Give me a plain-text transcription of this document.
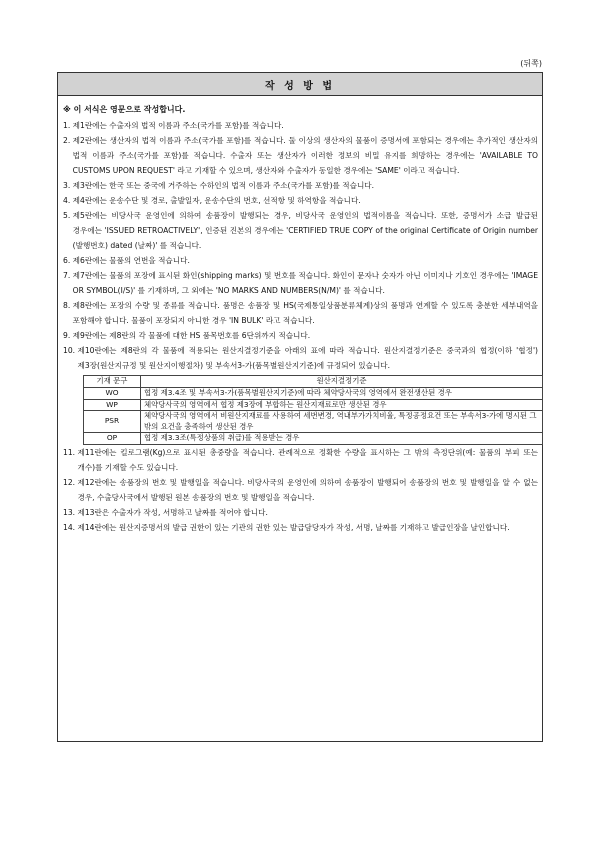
(뒤쪽)
작 성 방 법
※ 이 서식은 영문으로 작성합니다.
1. 제1란에는 수출자의 법적 이름과 주소(국가를 포함)를 적습니다.
2. 제2란에는 생산자의 법적 이름과 주소(국가를 포함)를 적습니다. 둘 이상의 생산자의 물품이 증명서에 포함되는 경우에는 추가적인 생산자의 법적 이름과 주소(국가를 포함)를 적습니다. 수출자 또는 생산자가 이러한 정보의 비밀 유지를 희망하는 경우에는 'AVAILABLE TO CUSTOMS UPON REQUEST' 라고 기재할 수 있으며, 생산자와 수출자가 동일한 경우에는 'SAME' 이라고 적습니다.
3. 제3란에는 한국 또는 중국에 거주하는 수하인의 법적 이름과 주소(국가를 포함)를 적습니다.
4. 제4란에는 운송수단 및 경로, 출발일자, 운송수단의 번호, 선적항 및 하역항을 적습니다.
5. 제5란에는 비당사국 운영인에 의하여 송품장이 발행되는 경우, 비당사국 운영인의 법적이름을 적습니다. 또한, 증명서가 소급 발급된 경우에는 'ISSUED RETROACTIVELY', 인증된 진본의 경우에는 'CERTIFIED TRUE COPY of the original Certificate of Origin number (발행번호) dated (날짜)' 를 적습니다.
6. 제6란에는 물품의 연번을 적습니다.
7. 제7란에는 물품의 포장에 표시된 화인(shipping marks) 및 번호를 적습니다. 화인이 문자나 숫자가 아닌 이미지나 기호인 경우에는 'IMAGE OR SYMBOL(I/S)' 를 기재하며, 그 외에는 'NO MARKS AND NUMBERS(N/M)' 를 적습니다.
8. 제8란에는 포장의 수량 및 종류를 적습니다. 품명은 송품장 및 HS(국제통일상품분류체계)상의 품명과 연계할 수 있도록 충분한 세부내역을 포함해야 합니다. 물품이 포장되지 아니한 경우 'IN BULK' 라고 적습니다.
9. 제9란에는 제8란의 각 물품에 대한 HS 품목번호를 6단위까지 적습니다.
10. 제10란에는 제8란의 각 물품에 적용되는 원산지결정기준을 아래의 표에 따라 적습니다. 원산지결정기준은 중국과의 협정(이하 '협정') 제3장(원산지규정 및 원산지이행절차) 및 부속서3-가(품목별원산지기준)에 규정되어 있습니다.
기재 문구	원산지결정기준
WO	협정 제3.4조 및 부속서3-가(품목별원산지기준)에 따라 체약당사국의 영역에서 완전생산된 경우
WP	체약당사국의 영역에서 협정 제3장에 부합하는 원산지재료로만 생산된 경우
PSR	체약당사국의 영역에서 비원산지재료를 사용하여 세번변경, 역내부가가치비율, 특정공정요건 또는 부속서3-가에 명시된 그 밖의 요건을 충족하여 생산된 경우
OP	협정 제3.3조(특정상품의 취급)를 적용받는 경우
11. 제11란에는 킬로그램(Kg)으로 표시된 총중량을 적습니다. 관례적으로 정확한 수량을 표시하는 그 밖의 측정단위(예: 물품의 부피 또는 개수)를 기재할 수도 있습니다.
12. 제12란에는 송품장의 번호 및 발행일을 적습니다. 비당사국의 운영인에 의하여 송품장이 발행되어 송품장의 번호 및 발행일을 알 수 없는 경우, 수출당사국에서 발행된 원본 송품장의 번호 및 발행일을 적습니다.
13. 제13란은 수출자가 작성, 서명하고 날짜를 적어야 합니다.
14. 제14란에는 원산지증명서의 발급 권한이 있는 기관의 권한 있는 발급담당자가 작성, 서명, 날짜를 기재하고 발급인장을 날인합니다.
